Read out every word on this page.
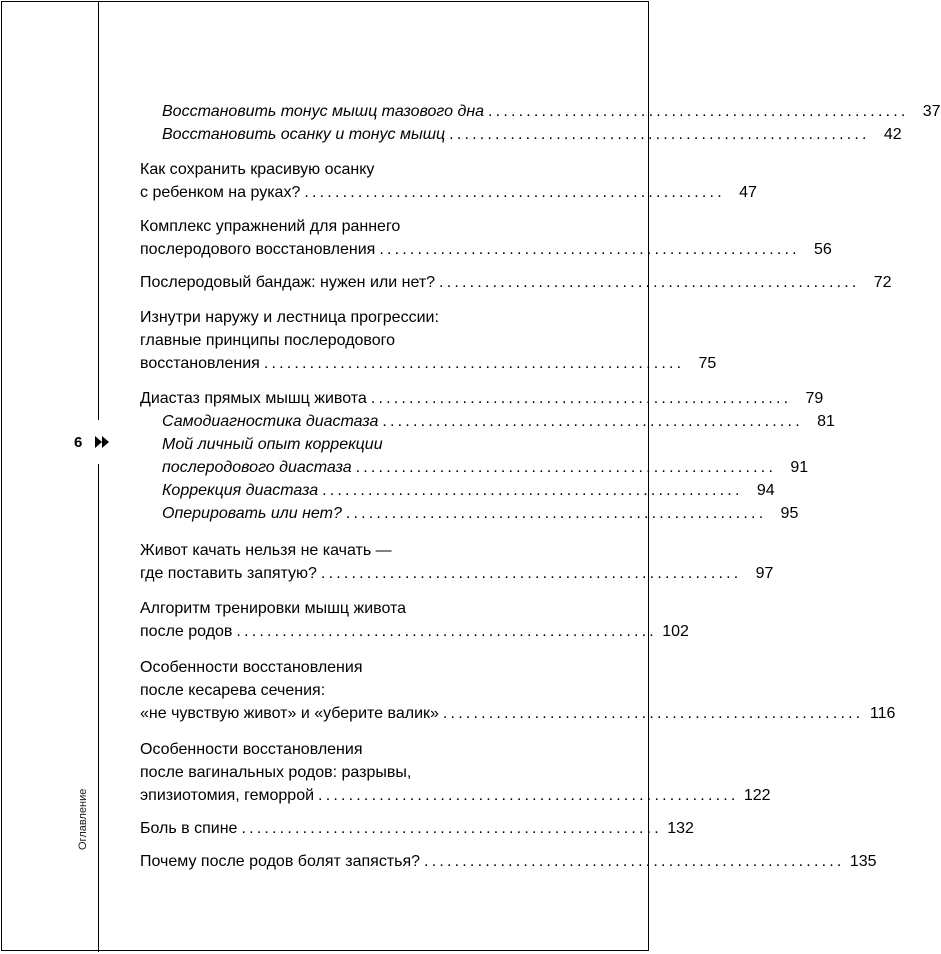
6
Оглавление
Восстановить тонус мышц тазового дна ....................................................... 37
Восстановить осанку и тонус мышц ....................................................... 42
Как сохранить красивую осанку
с ребенком на руках? ....................................................... 47
Комплекс упражнений для раннего
послеродового восстановления ....................................................... 56
Послеродовый бандаж: нужен или нет? ....................................................... 72
Изнутри наружу и лестница прогрессии:
главные принципы послеродового
восстановления ....................................................... 75
Диастаз прямых мышц живота ....................................................... 79
Самодиагностика диастаза ....................................................... 81
Мой личный опыт коррекции
послеродового диастаза ....................................................... 91
Коррекция диастаза ....................................................... 94
Оперировать или нет? ....................................................... 95
Живот качать нельзя не качать —
где поставить запятую? ....................................................... 97
Алгоритм тренировки мышц живота
после родов ....................................................... 102
Особенности восстановления
после кесарева сечения:
«не чувствую живот» и «уберите валик» ....................................................... 116
Особенности восстановления
после вагинальных родов: разрывы,
эпизиотомия, геморрой ....................................................... 122
Боль в спине ....................................................... 132
Почему после родов болят запястья? ....................................................... 135
